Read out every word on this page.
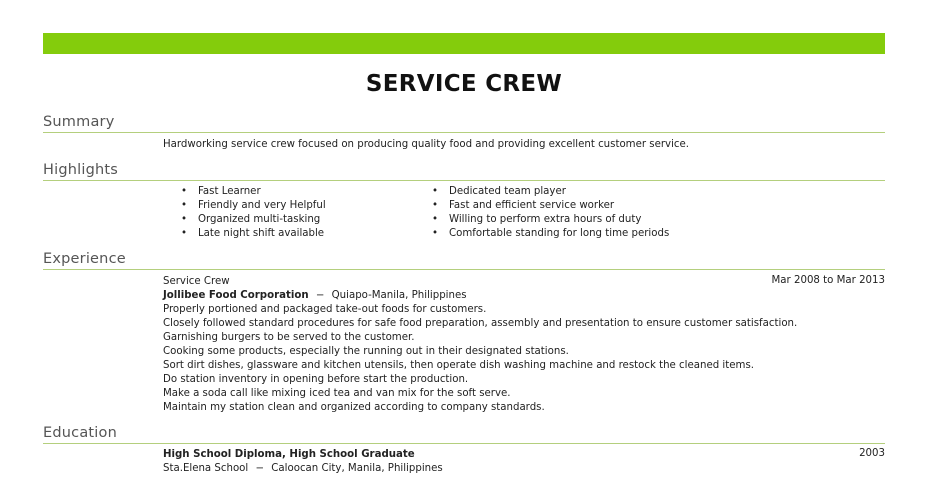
SERVICE CREW
Summary
Hardworking service crew focused on producing quality food and providing excellent customer service.
Highlights
• Fast Learner
• Friendly and very Helpful
• Organized multi-tasking
• Late night shift available
• Dedicated team player
• Fast and efficient service worker
• Willing to perform extra hours of duty
• Comfortable standing for long time periods
Experience
Service Crew	Mar 2008 to Mar 2013
Jollibee Food Corporation − Quiapo-Manila, Philippines
Properly portioned and packaged take-out foods for customers.
Closely followed standard procedures for safe food preparation, assembly and presentation to ensure customer satisfaction.
Garnishing burgers to be served to the customer.
Cooking some products, especially the running out in their designated stations.
Sort dirt dishes, glassware and kitchen utensils, then operate dish washing machine and restock the cleaned items.
Do station inventory in opening before start the production.
Make a soda call like mixing iced tea and van mix for the soft serve.
Maintain my station clean and organized according to company standards.
Education
High School Diploma, High School Graduate	2003
Sta.Elena School − Caloocan City, Manila, Philippines
